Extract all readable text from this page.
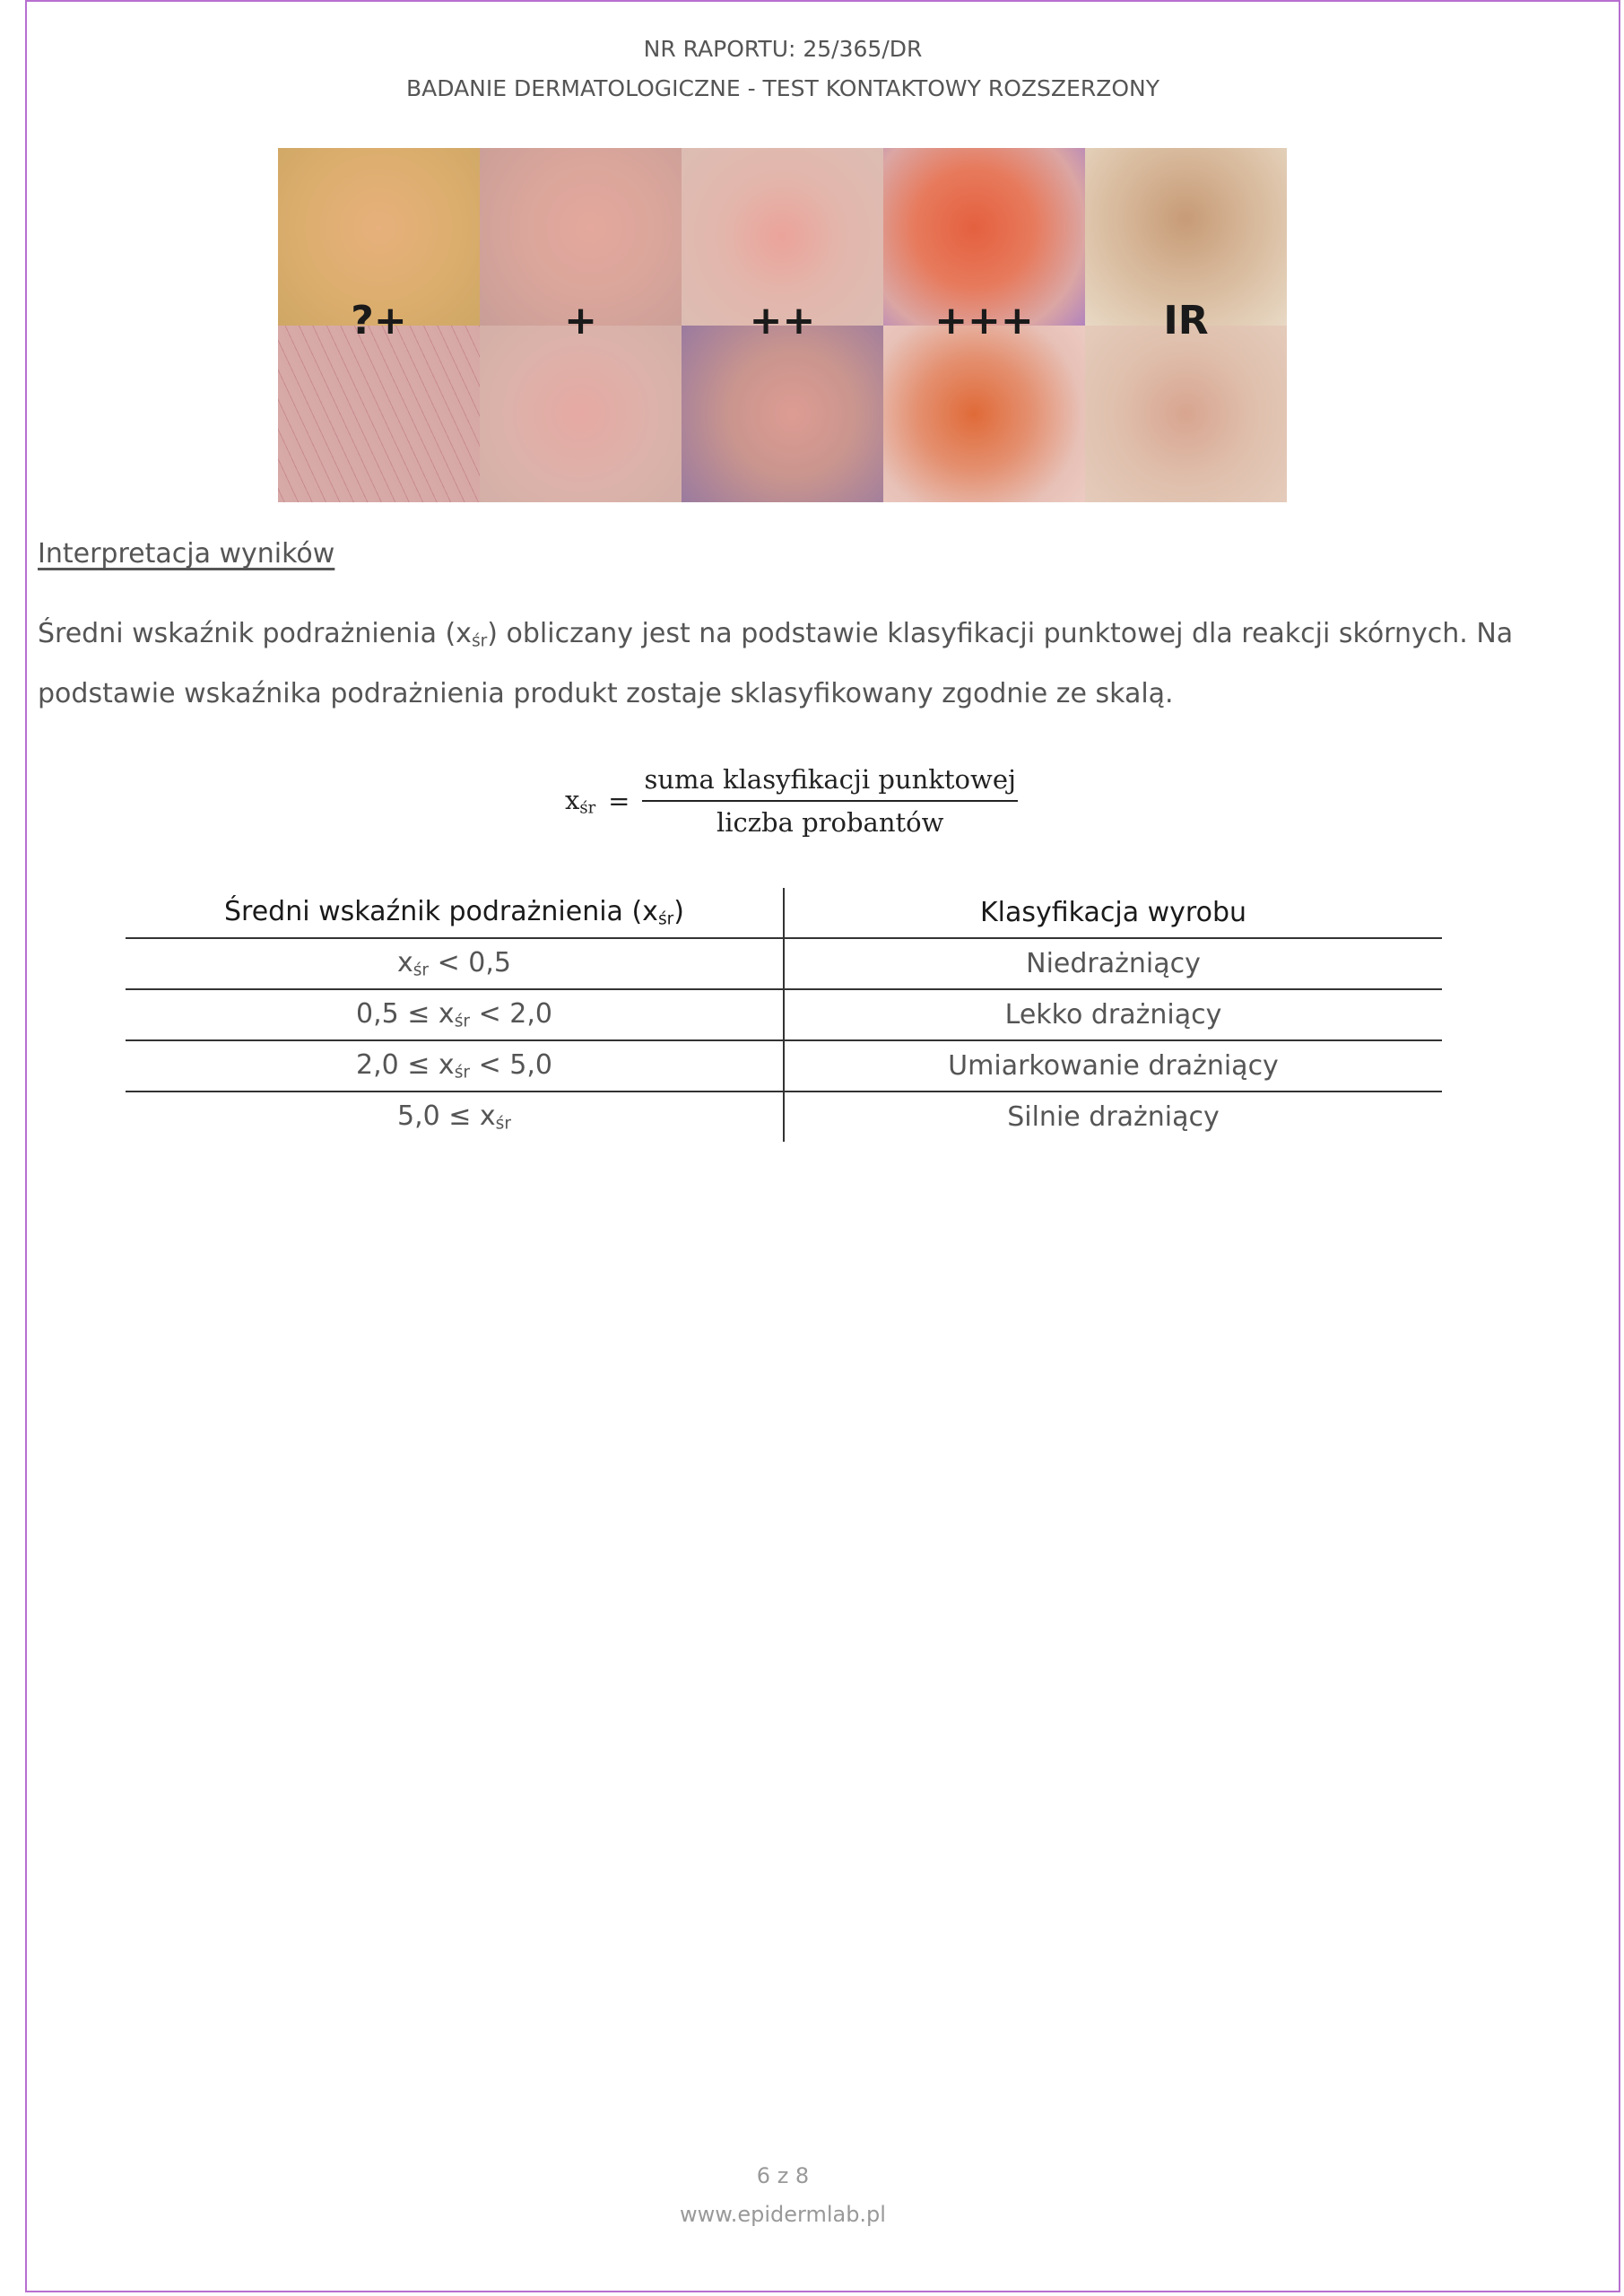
NR RAPORTU: 25/365/DR
BADANIE DERMATOLOGICZNE - TEST KONTAKTOWY ROZSZERZONY
?+	+	++	+++	IR
Interpretacja wyników
Średni wskaźnik podrażnienia $(x_{śr})$ obliczany jest na podstawie klasyfikacji punktowej dla reakcji skórnych. Na podstawie wskaźnika podrażnienia produkt zostaje sklasyfikowany zgodnie ze skalą.
$x_{śr} = \frac{\text{suma klasyfikacji punktowej}}{\text{liczba probantów}}$
Średni wskaźnik podrażnienia $(x_{śr})$	Klasyfikacja wyrobu
$x_{śr} < 0,5$	Niedrażniący
$0,5 \le x_{śr} < 2,0$	Lekko drażniący
$2,0 \le x_{śr} < 5,0$	Umiarkowanie drażniący
$5,0 \le x_{śr}$	Silnie drażniący
6 z 8
www.epidermlab.pl
